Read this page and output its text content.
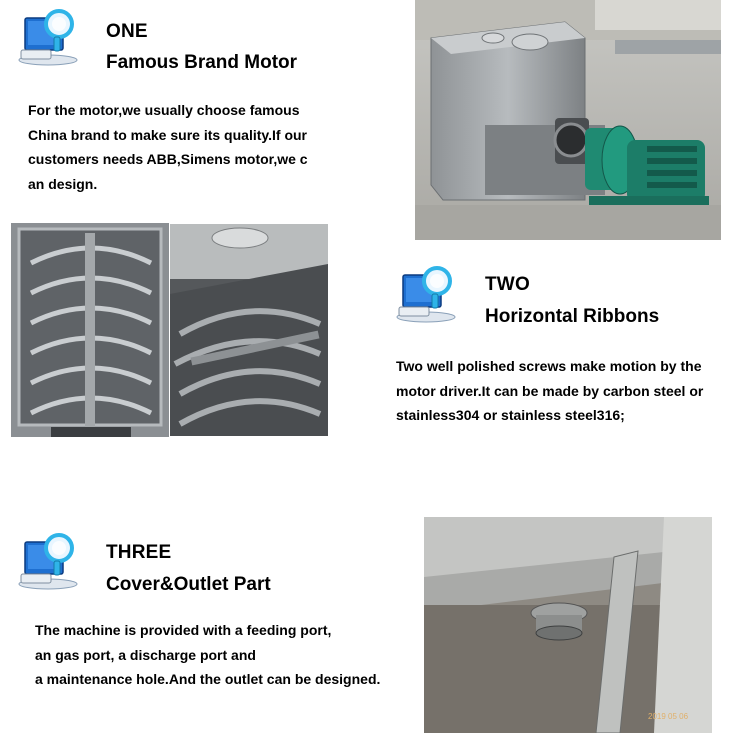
ONE
Famous Brand Motor
For the motor,we usually choose famous
China brand to make sure its quality.If our
customers needs ABB,Simens motor,we c
an design.
TWO
Horizontal Ribbons
Two well polished screws make motion by the
motor driver.It can be made by carbon steel or
stainless304 or stainless steel316;
THREE
Cover&Outlet Part
The machine is provided with a feeding port,
an gas port, a discharge port and
a maintenance hole.And the outlet can be designed.
2019 05 06
